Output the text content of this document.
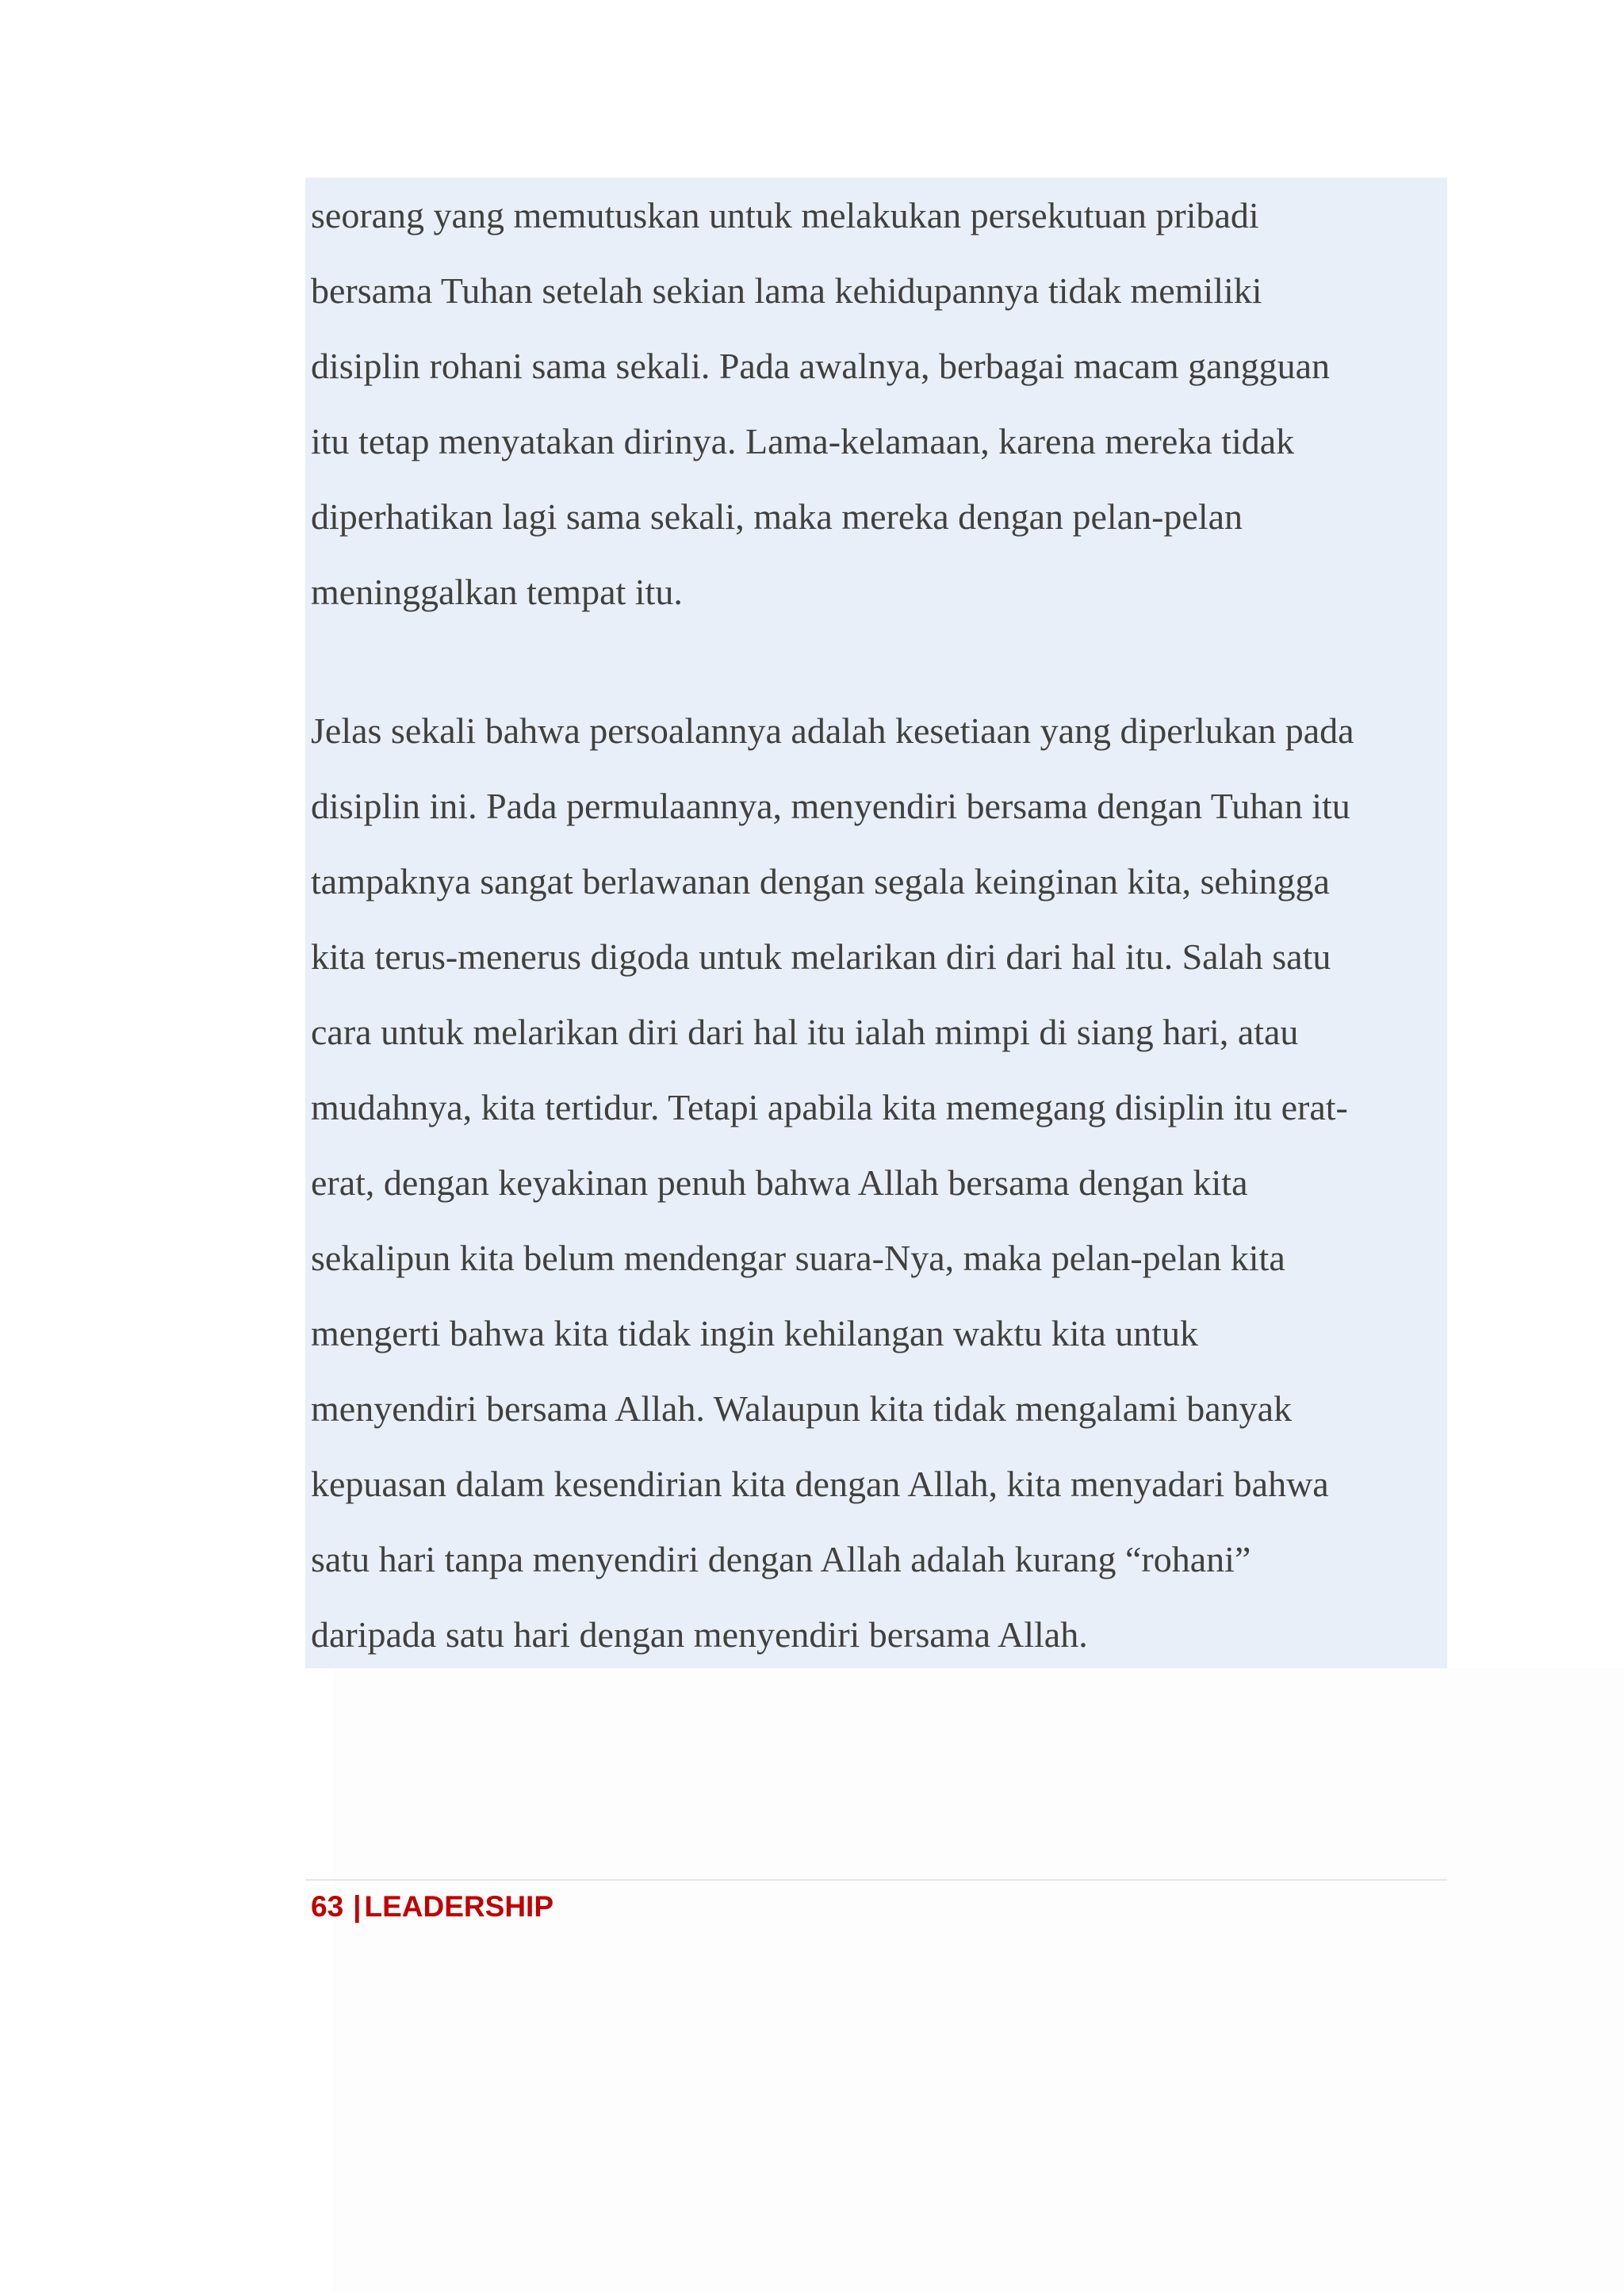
seorang yang memutuskan untuk melakukan persekutuan pribadi
bersama Tuhan setelah sekian lama kehidupannya tidak memiliki
disiplin rohani sama sekali. Pada awalnya, berbagai macam gangguan
itu tetap menyatakan dirinya. Lama-kelamaan, karena mereka tidak
diperhatikan lagi sama sekali, maka mereka dengan pelan-pelan
meninggalkan tempat itu.
Jelas sekali bahwa persoalannya adalah kesetiaan yang diperlukan pada
disiplin ini. Pada permulaannya, menyendiri bersama dengan Tuhan itu
tampaknya sangat berlawanan dengan segala keinginan kita, sehingga
kita terus-menerus digoda untuk melarikan diri dari hal itu. Salah satu
cara untuk melarikan diri dari hal itu ialah mimpi di siang hari, atau
mudahnya, kita tertidur. Tetapi apabila kita memegang disiplin itu erat-
erat, dengan keyakinan penuh bahwa Allah bersama dengan kita
sekalipun kita belum mendengar suara-Nya, maka pelan-pelan kita
mengerti bahwa kita tidak ingin kehilangan waktu kita untuk
menyendiri bersama Allah. Walaupun kita tidak mengalami banyak
kepuasan dalam kesendirian kita dengan Allah, kita menyadari bahwa
satu hari tanpa menyendiri dengan Allah adalah kurang “rohani”
daripada satu hari dengan menyendiri bersama Allah.
63 | LEADERSHIP
